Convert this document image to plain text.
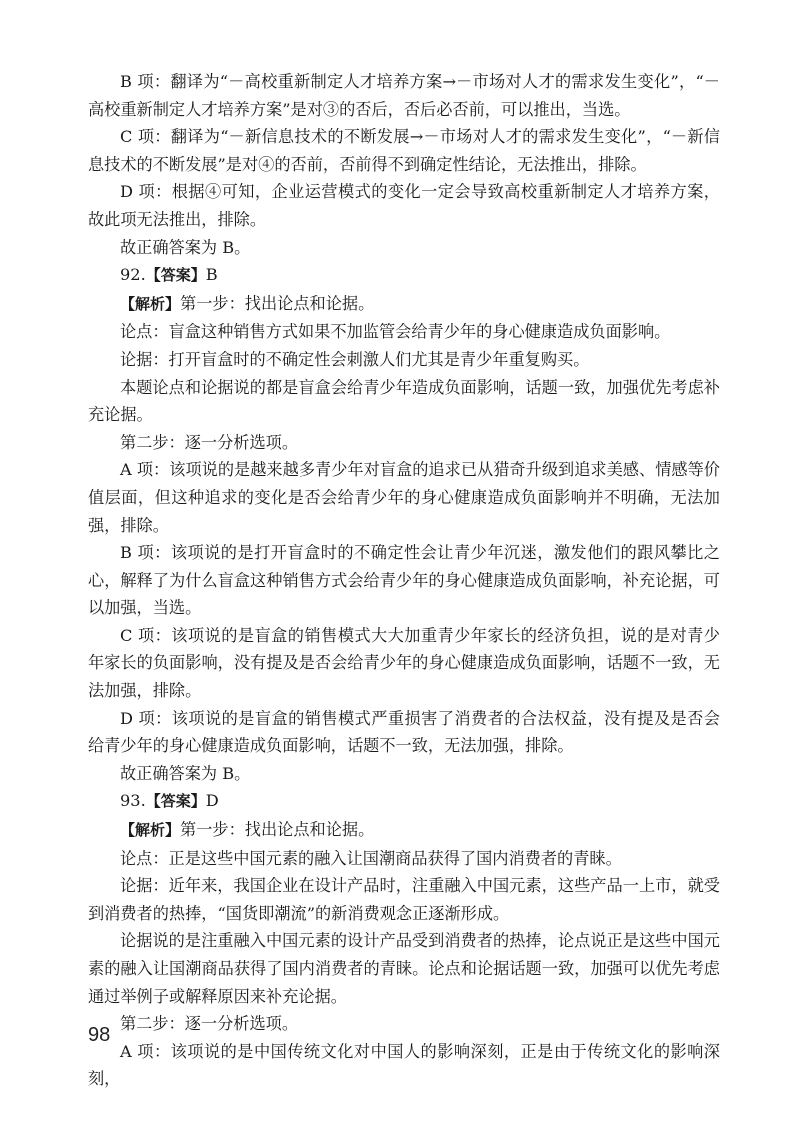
B 项：翻译为“－高校重新制定人才培养方案→－市场对人才的需求发生变化”，“－高校重新制定人才培养方案”是对③的否后，否后必否前，可以推出，当选。

C 项：翻译为“－新信息技术的不断发展→－市场对人才的需求发生变化”，“－新信息技术的不断发展”是对④的否前，否前得不到确定性结论，无法推出，排除。

D 项：根据④可知，企业运营模式的变化一定会导致高校重新制定人才培养方案，故此项无法推出，排除。

故正确答案为 B。

92.【答案】B

【解析】第一步：找出论点和论据。

论点：盲盒这种销售方式如果不加监管会给青少年的身心健康造成负面影响。

论据：打开盲盒时的不确定性会刺激人们尤其是青少年重复购买。

本题论点和论据说的都是盲盒会给青少年造成负面影响，话题一致，加强优先考虑补充论据。

第二步：逐一分析选项。

A 项：该项说的是越来越多青少年对盲盒的追求已从猎奇升级到追求美感、情感等价值层面，但这种追求的变化是否会给青少年的身心健康造成负面影响并不明确，无法加强，排除。

B 项：该项说的是打开盲盒时的不确定性会让青少年沉迷，激发他们的跟风攀比之心，解释了为什么盲盒这种销售方式会给青少年的身心健康造成负面影响，补充论据，可以加强，当选。

C 项：该项说的是盲盒的销售模式大大加重青少年家长的经济负担，说的是对青少年家长的负面影响，没有提及是否会给青少年的身心健康造成负面影响，话题不一致，无法加强，排除。

D 项：该项说的是盲盒的销售模式严重损害了消费者的合法权益，没有提及是否会给青少年的身心健康造成负面影响，话题不一致，无法加强，排除。

故正确答案为 B。

93.【答案】D

【解析】第一步：找出论点和论据。

论点：正是这些中国元素的融入让国潮商品获得了国内消费者的青睐。

论据：近年来，我国企业在设计产品时，注重融入中国元素，这些产品一上市，就受到消费者的热捧，“国货即潮流”的新消费观念正逐渐形成。

论据说的是注重融入中国元素的设计产品受到消费者的热捧，论点说正是这些中国元素的融入让国潮商品获得了国内消费者的青睐。论点和论据话题一致，加强可以优先考虑通过举例子或解释原因来补充论据。

第二步：逐一分析选项。

A 项：该项说的是中国传统文化对中国人的影响深刻，正是由于传统文化的影响深刻，

98
